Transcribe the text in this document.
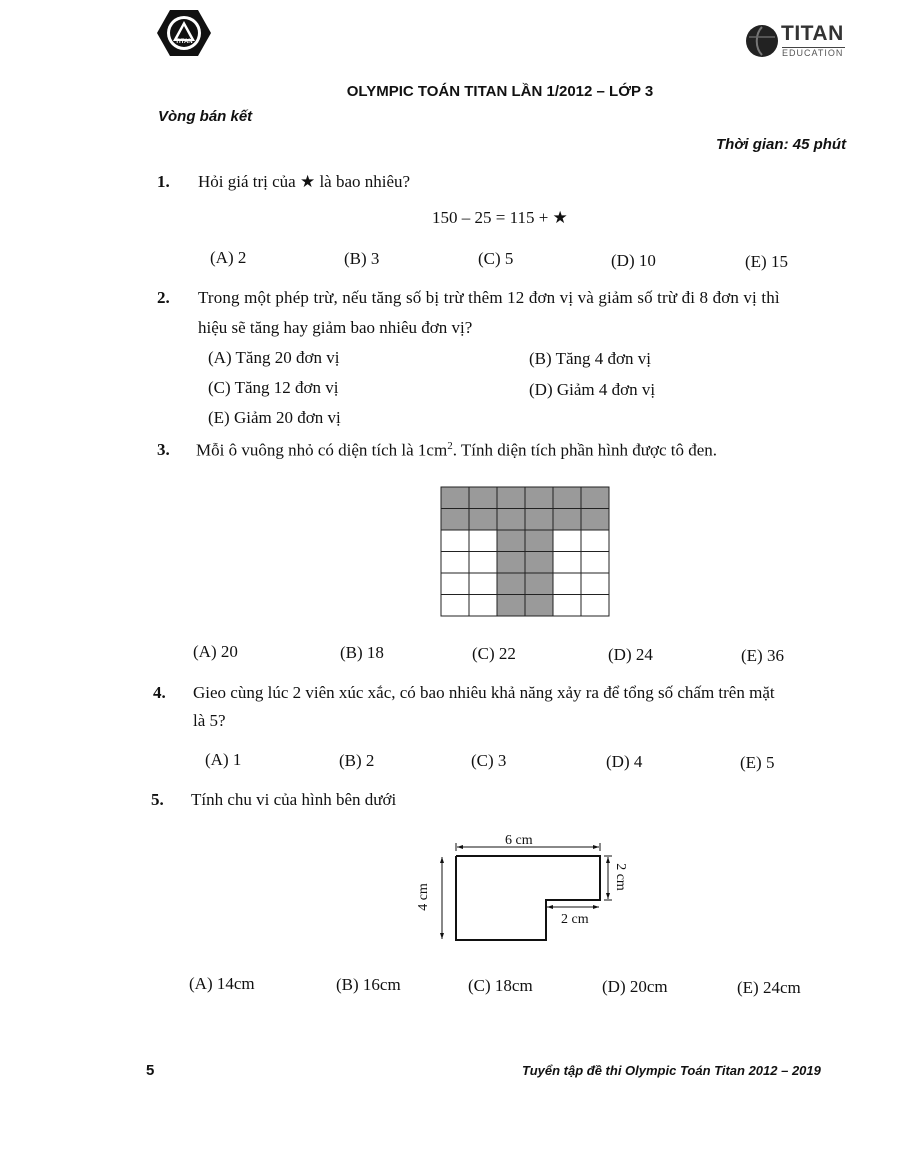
TITAN	TITAN
EDUCATION
OLYMPIC TOÁN TITAN LẦN 1/2012 – LỚP 3
Vòng bán kết
Thời gian: 45 phút
1. Hỏi giá trị của ★ là bao nhiêu?
150 – 25 = 115 + ★
(A) 2	(B) 3	(C) 5	(D) 10	(E) 15
2. Trong một phép trừ, nếu tăng số bị trừ thêm 12 đơn vị và giảm số trừ đi 8 đơn vị thì
hiệu sẽ tăng hay giảm bao nhiêu đơn vị?
(A) Tăng 20 đơn vị	(B) Tăng 4 đơn vị
(C) Tăng 12 đơn vị	(D) Giảm 4 đơn vị
(E) Giảm 20 đơn vị
3. Mỗi ô vuông nhỏ có diện tích là $1cm^2$. Tính diện tích phần hình được tô đen.
(A) 20	(B) 18	(C) 22	(D) 24	(E) 36
4. Gieo cùng lúc 2 viên xúc xắc, có bao nhiêu khả năng xảy ra để tổng số chấm trên mặt
là 5?
(A) 1	(B) 2	(C) 3	(D) 4	(E) 5
5. Tính chu vi của hình bên dưới
6 cm
4 cm
2 cm
2 cm
(A) 14cm	(B) 16cm	(C) 18cm	(D) 20cm	(E) 24cm
5	Tuyển tập đề thi Olympic Toán Titan 2012 – 2019
